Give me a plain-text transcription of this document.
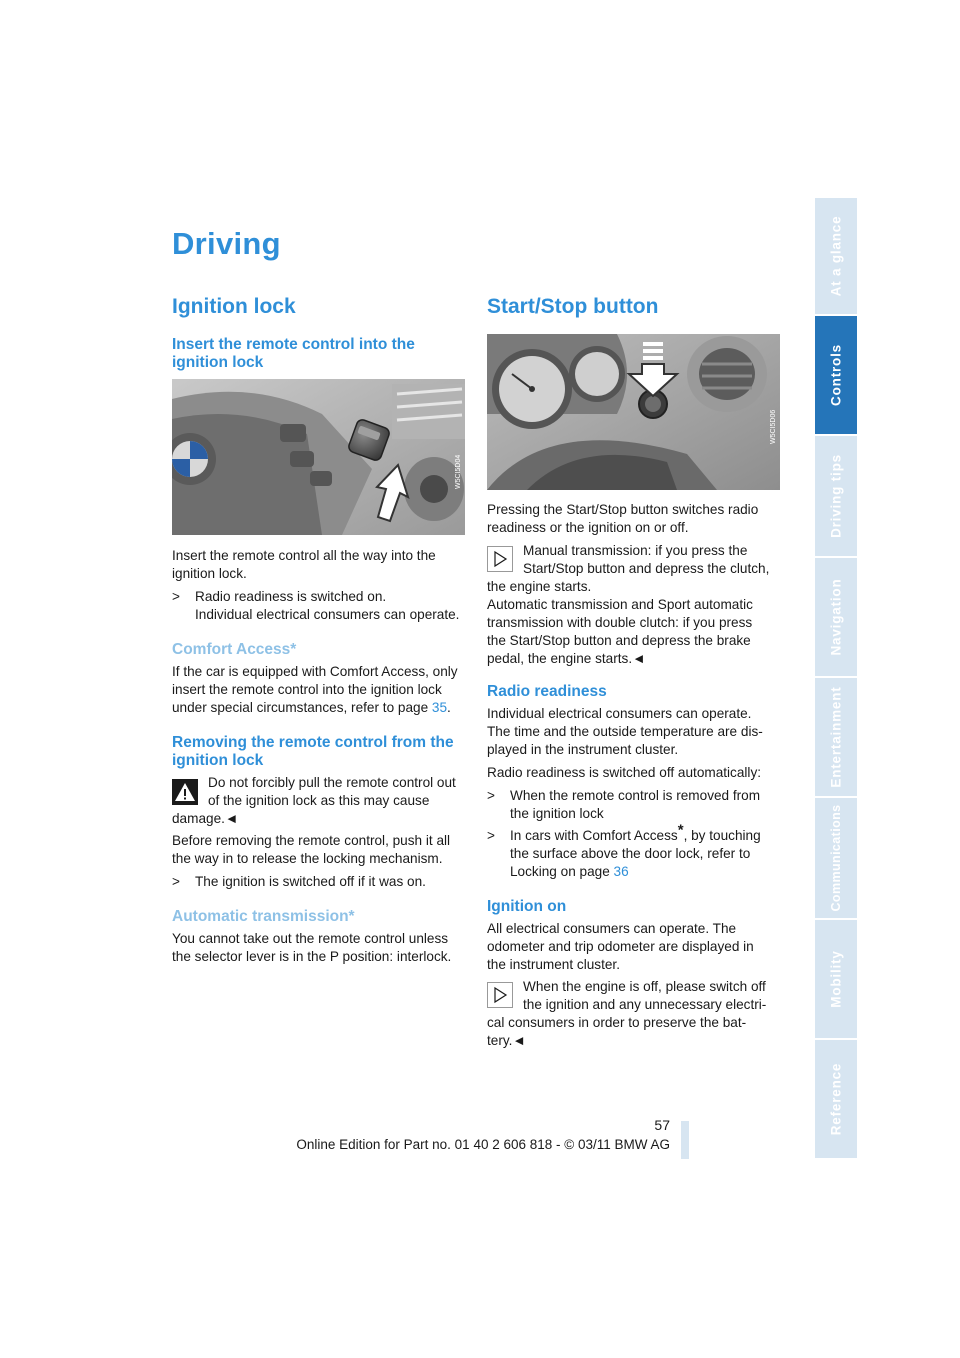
Driving
Ignition lock
Insert the remote control into the
ignition lock
W5CI5D04
Insert the remote control all the way into the
ignition lock.
> Radio readiness is switched on.
Individual electrical consumers can operate.
Comfort Access*
If the car is equipped with Comfort Access, only
insert the remote control into the ignition lock
under special circumstances, refer to page 35.
Removing the remote control from the
ignition lock
Do not forcibly pull the remote control out
of the ignition lock as this may cause
damage.◄
Before removing the remote control, push it all
the way in to release the locking mechanism.
> The ignition is switched off if it was on.
Automatic transmission*
You cannot take out the remote control unless
the selector lever is in the P position: interlock.
Start/Stop button
W5CI5D06
Pressing the Start/Stop button switches radio
readiness or the ignition on or off.
Manual transmission: if you press the
Start/Stop button and depress the clutch,
the engine starts.
Automatic transmission and Sport automatic
transmission with double clutch: if you press
the Start/Stop button and depress the brake
pedal, the engine starts.◄
Radio readiness
Individual electrical consumers can operate.
The time and the outside temperature are dis-
played in the instrument cluster.
Radio readiness is switched off automatically:
> When the remote control is removed from
the ignition lock
> In cars with Comfort Access*, by touching
the surface above the door lock, refer to
Locking on page 36
Ignition on
All electrical consumers can operate. The
odometer and trip odometer are displayed in
the instrument cluster.
When the engine is off, please switch off
the ignition and any unnecessary electri-
cal consumers in order to preserve the bat-
tery.◄
At a glance
Controls
Driving tips
Navigation
Entertainment
Communications
Mobility
Reference
57
Online Edition for Part no. 01 40 2 606 818 - © 03/11 BMW AG
